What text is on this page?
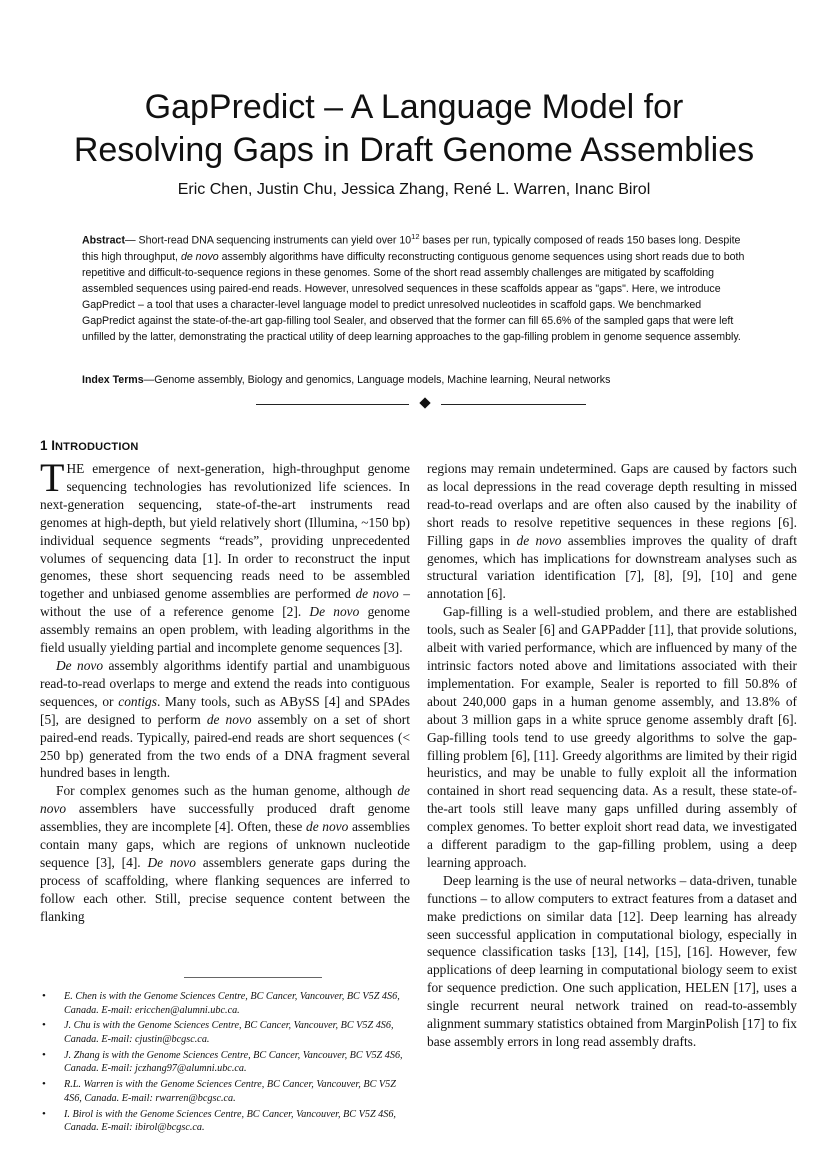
GapPredict – A Language Model for
Resolving Gaps in Draft Genome Assemblies
Eric Chen, Justin Chu, Jessica Zhang, René L. Warren, Inanc Birol

Abstract— Short-read DNA sequencing instruments can yield over $10^{12}$ bases per run, typically composed of reads 150 bases long. Despite this high throughput, de novo assembly algorithms have difficulty reconstructing contiguous genome sequences using short reads due to both repetitive and difficult-to-sequence regions in these genomes. Some of the short read assembly challenges are mitigated by scaffolding assembled sequences using paired-end reads. However, unresolved sequences in these scaffolds appear as "gaps". Here, we introduce GapPredict – a tool that uses a character-level language model to predict unresolved nucleotides in scaffold gaps. We benchmarked GapPredict against the state-of-the-art gap-filling tool Sealer, and observed that the former can fill 65.6% of the sampled gaps that were left unfilled by the latter, demonstrating the practical utility of deep learning approaches to the gap-filling problem in genome sequence assembly.

Index Terms—Genome assembly, Biology and genomics, Language models, Machine learning, Neural networks

1 INTRODUCTION

THE emergence of next-generation, high-throughput genome sequencing technologies has revolutionized life sciences. In next-generation sequencing, state-of-the-art instruments read genomes at high-depth, but yield relatively short (Illumina, ~150 bp) individual sequence segments “reads”, providing unprecedented volumes of sequencing data [1]. In order to reconstruct the input genomes, these short sequencing reads need to be assembled together and unbiased genome assemblies are performed de novo – without the use of a reference genome [2]. De novo genome assembly remains an open problem, with leading algorithms in the field usually yielding partial and incomplete genome sequences [3].

De novo assembly algorithms identify partial and unambiguous read-to-read overlaps to merge and extend the reads into contiguous sequences, or contigs. Many tools, such as ABySS [4] and SPAdes [5], are designed to perform de novo assembly on a set of short paired-end reads. Typically, paired-end reads are short sequences (< 250 bp) generated from the two ends of a DNA fragment several hundred bases in length.

For complex genomes such as the human genome, although de novo assemblers have successfully produced draft genome assemblies, they are incomplete [4]. Often, these de novo assemblies contain many gaps, which are regions of unknown nucleotide sequence [3], [4]. De novo assemblers generate gaps during the process of scaffolding, where flanking sequences are inferred to follow each other. Still, precise sequence content between the flanking

• E. Chen is with the Genome Sciences Centre, BC Cancer, Vancouver, BC V5Z 4S6, Canada. E-mail: ericchen@alumni.ubc.ca.
• J. Chu is with the Genome Sciences Centre, BC Cancer, Vancouver, BC V5Z 4S6, Canada. E-mail: cjustin@bcgsc.ca.
• J. Zhang is with the Genome Sciences Centre, BC Cancer, Vancouver, BC V5Z 4S6, Canada. E-mail: jczhang97@alumni.ubc.ca.
• R.L. Warren is with the Genome Sciences Centre, BC Cancer, Vancouver, BC V5Z 4S6, Canada. E-mail: rwarren@bcgsc.ca.
• I. Birol is with the Genome Sciences Centre, BC Cancer, Vancouver, BC V5Z 4S6, Canada. E-mail: ibirol@bcgsc.ca.

regions may remain undetermined. Gaps are caused by factors such as local depressions in the read coverage depth resulting in missed read-to-read overlaps and are often also caused by the inability of short reads to resolve repetitive sequences in these regions [6]. Filling gaps in de novo assemblies improves the quality of draft genomes, which has implications for downstream analyses such as structural variation identification [7], [8], [9], [10] and gene annotation [6].

Gap-filling is a well-studied problem, and there are established tools, such as Sealer [6] and GAPPadder [11], that provide solutions, albeit with varied performance, which are influenced by many of the intrinsic factors noted above and limitations associated with their implementation. For example, Sealer is reported to fill 50.8% of about 240,000 gaps in a human genome assembly, and 13.8% of about 3 million gaps in a white spruce genome assembly draft [6]. Gap-filling tools tend to use greedy algorithms to solve the gap-filling problem [6], [11]. Greedy algorithms are limited by their rigid heuristics, and may be unable to fully exploit all the information contained in short read sequencing data. As a result, these state-of-the-art tools still leave many gaps unfilled during assembly of complex genomes. To better exploit short read data, we investigated a different paradigm to the gap-filling problem, using a deep learning approach.

Deep learning is the use of neural networks – data-driven, tunable functions – to allow computers to extract features from a dataset and make predictions on similar data [12]. Deep learning has already seen successful application in computational biology, especially in sequence classification tasks [13], [14], [15], [16]. However, few applications of deep learning in computational biology seem to exist for sequence prediction. One such application, HELEN [17], uses a single recurrent neural network trained on read-to-assembly alignment summary statistics obtained from MarginPolish [17] to fix base assembly errors in long read assembly drafts.
